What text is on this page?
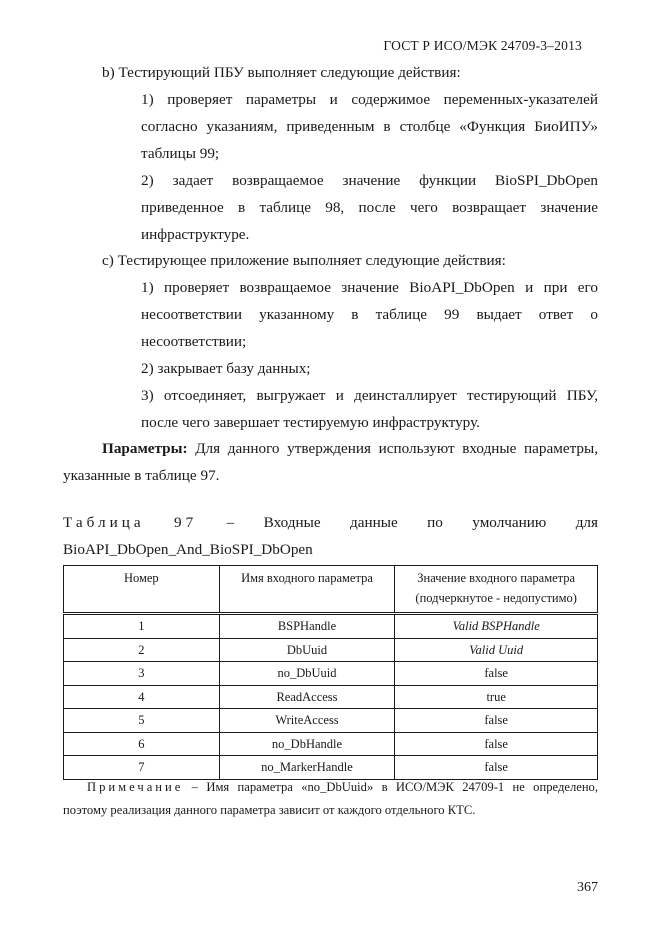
ГОСТ Р ИСО/МЭК 24709-3–2013
b) Тестирующий ПБУ выполняет следующие действия:
1) проверяет параметры и содержимое переменных-указателей согласно указаниям, приведенным в столбце «Функция БиоИПУ» таблицы 99;
2) задает возвращаемое значение функции BioSPI_DbOpen приведенное в таблице 98, после чего возвращает значение инфраструктуре.
c) Тестирующее приложение выполняет следующие действия:
1) проверяет возвращаемое значение BioAPI_DbOpen и при его несоответствии указанному в таблице 99 выдает ответ о несоответствии;
2) закрывает базу данных;
3) отсоединяет, выгружает и деинсталлирует тестирующий ПБУ, после чего завершает тестируемую инфраструктуру.
Параметры: Для данного утверждения используют входные параметры, указанные в таблице 97.
Таблица 97 – Входные данные по умолчанию для
BioAPI_DbOpen_And_BioSPI_DbOpen
Номер	Имя входного параметра	Значение входного параметра
(подчеркнутое - недопустимо)

1	BSPHandle	Valid BSPHandle
2	DbUuid	Valid Uuid
3	no_DbUuid	false
4	ReadAccess	true
5	WriteAccess	false
6	no_DbHandle	false
7	no_MarkerHandle	false
Примечание – Имя параметра «no_DbUuid» в ИСО/МЭК 24709-1 не определено, поэтому реализация данного параметра зависит от каждого отдельного КТС.
367
